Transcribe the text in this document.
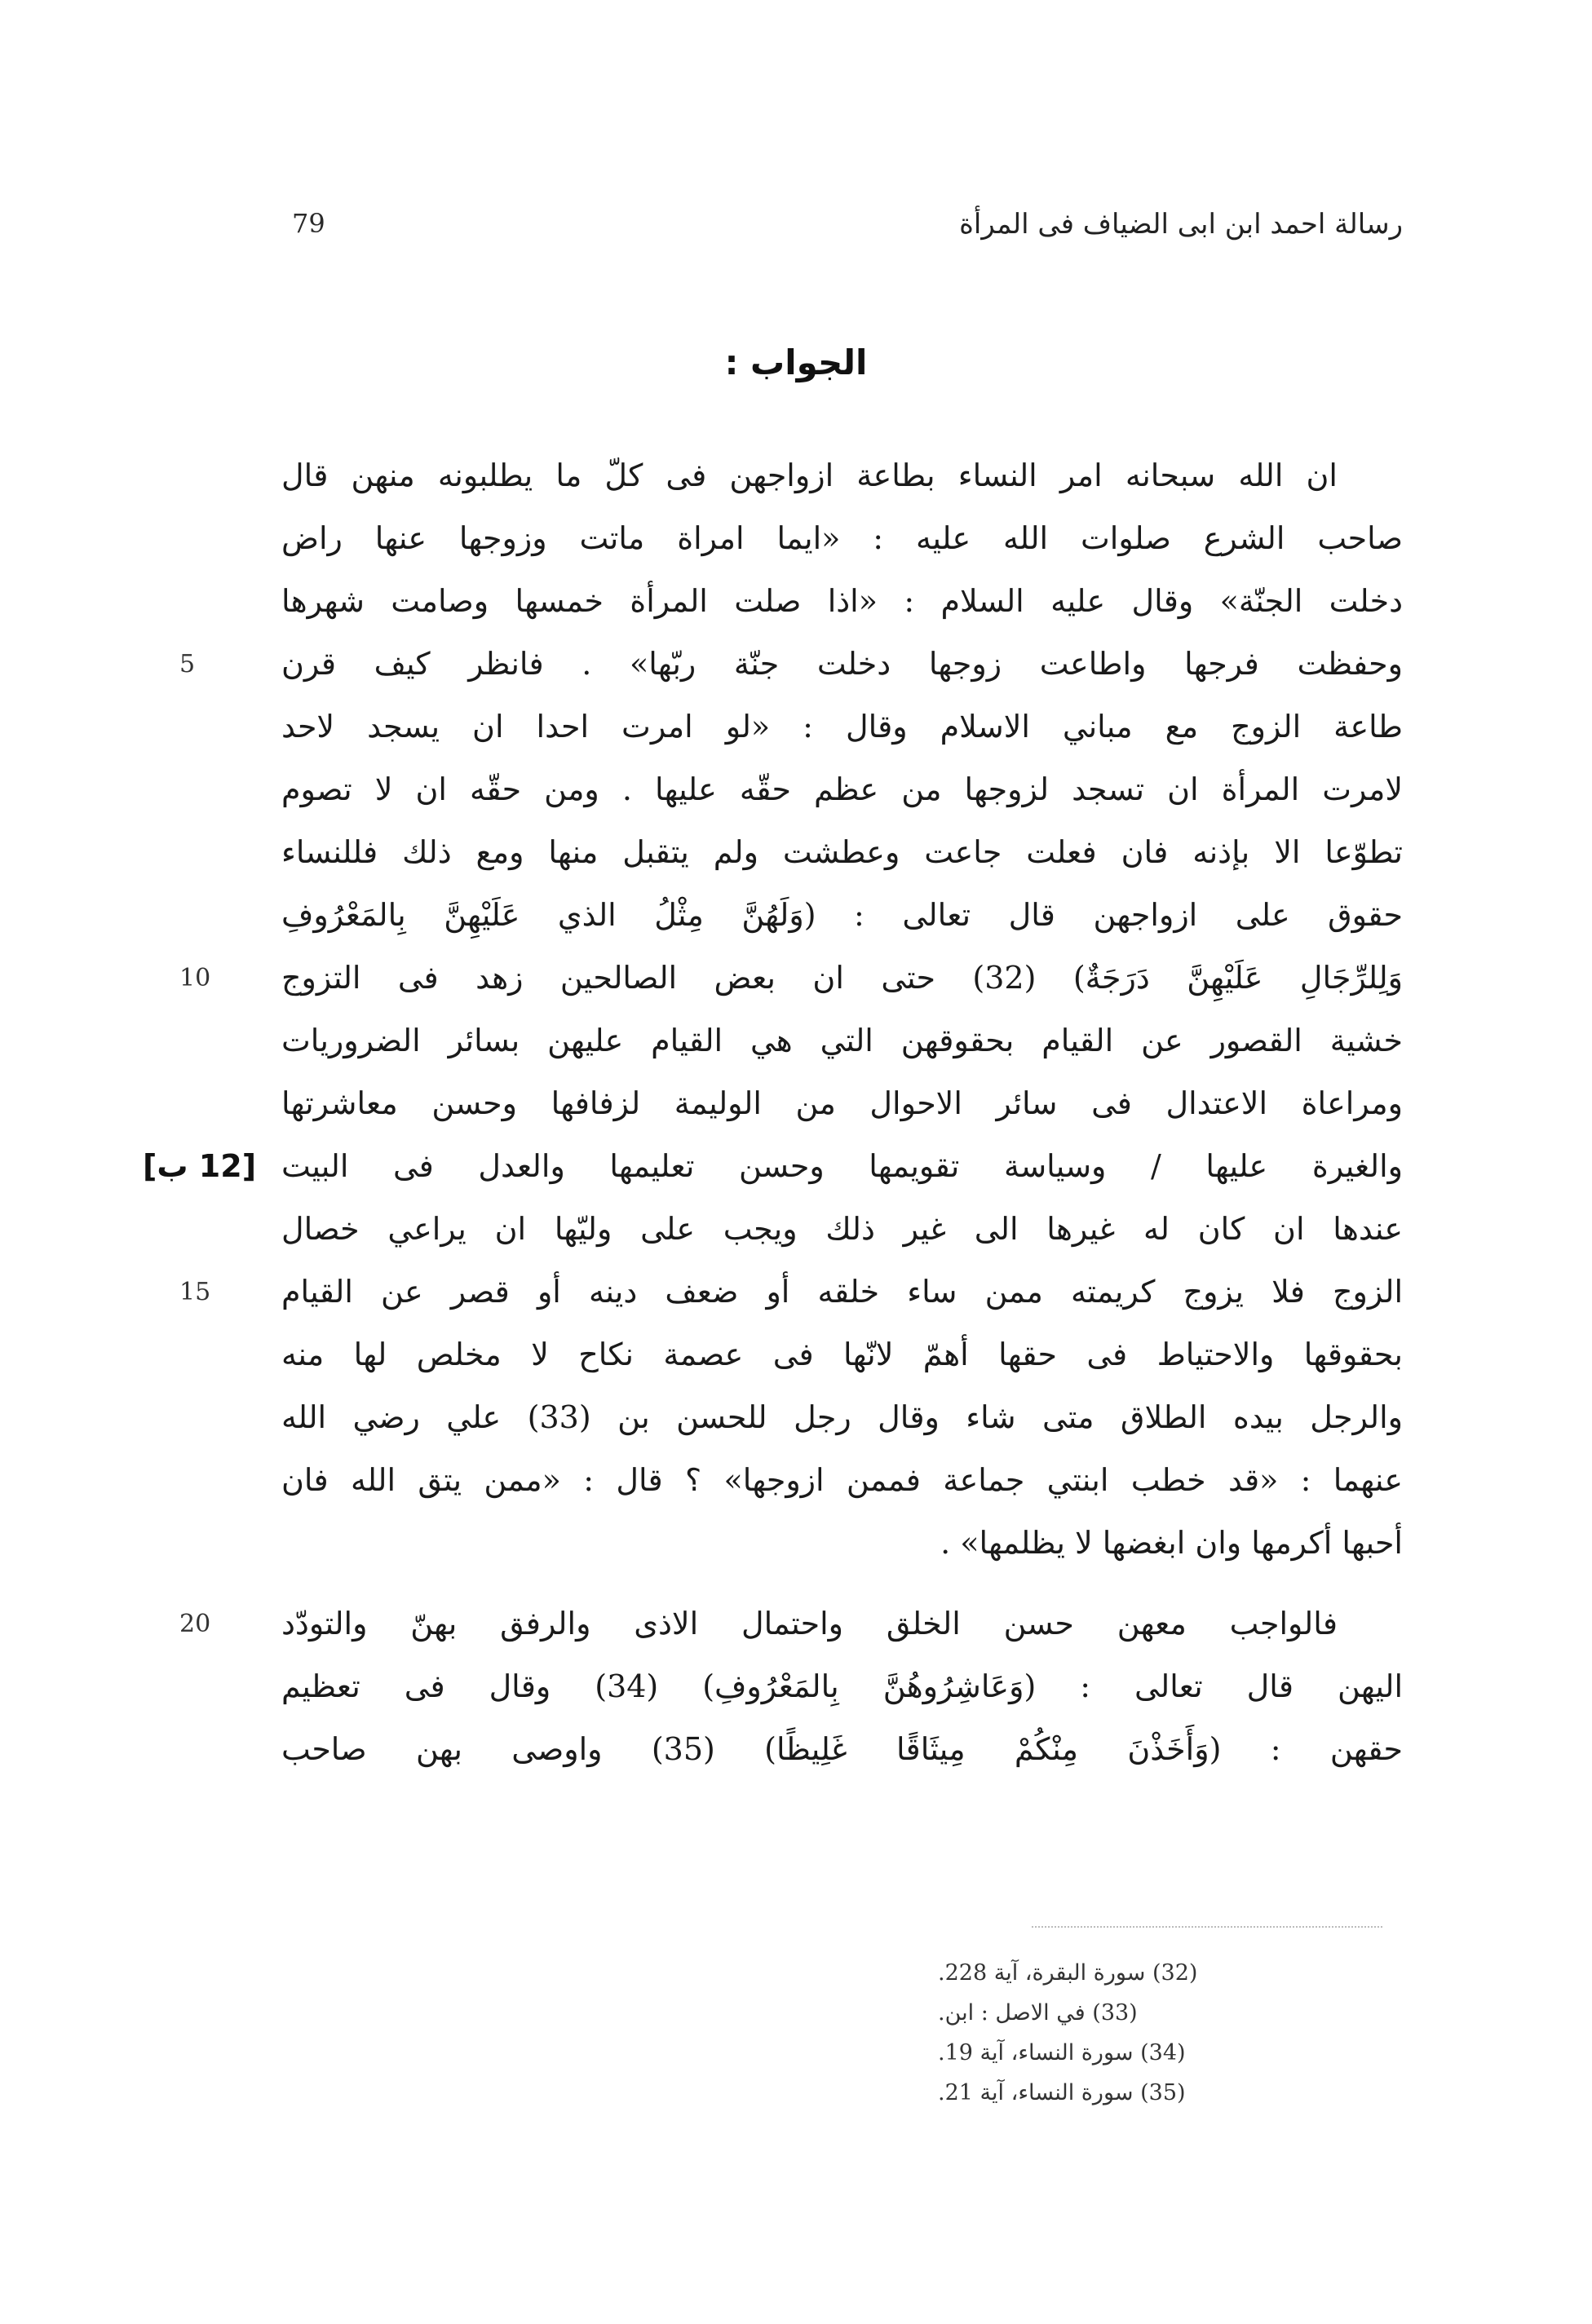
79	رسالة احمد ابن ابى الضياف فى المرأة
الجواب :
ان الله سبحانه امر النساء بطاعة ازواجهن فى كلّ ما يطلبونه منهن قال
صاحب الشرع صلوات الله عليه : «ايما امراة ماتت وزوجها عنها راض
دخلت الجنّة» وقال عليه السلام : «اذا صلت المرأة خمسها وصامت شهرها
وحفظت فرجها واطاعت زوجها دخلت جنّة ربّها» . فانظر كيف قرن
5
طاعة الزوج مع مباني الاسلام وقال : «لو امرت احدا ان يسجد لاحد
لامرت المرأة ان تسجد لزوجها من عظم حقّه عليها . ومن حقّه ان لا تصوم
تطوّعا الا بإذنه فان فعلت جاعت وعطشت ولم يتقبل منها ومع ذلك فللنساء
حقوق على ازواجهن قال تعالى : (وَلَهُنَّ مِثْلُ الذي عَلَيْهِنَّ بِالمَعْرُوفِ
وَلِلرِّجَالِ عَلَيْهِنَّ دَرَجَةٌ) (32) حتى ان بعض الصالحين زهد فى التزوج
10
خشية القصور عن القيام بحقوقهن التي هي القيام عليهن بسائر الضروريات
ومراعاة الاعتدال فى سائر الاحوال من الوليمة لزفافها وحسن معاشرتها
والغيرة عليها / وسياسة تقويمها وحسن تعليمها والعدل فى البيت
[12 ب]
عندها ان كان له غيرها الى غير ذلك ويجب على وليّها ان يراعي خصال
الزوج فلا يزوج كريمته ممن ساء خلقه أو ضعف دينه أو قصر عن القيام
15
بحقوقها والاحتياط فى حقها أهمّ لانّها فى عصمة نكاح لا مخلص لها منه
والرجل بيده الطلاق متى شاء وقال رجل للحسن بن (33) علي رضي الله
عنهما : «قد خطب ابنتي جماعة فممن ازوجها» ؟ قال : «ممن يتق الله فان
أحبها أكرمها وان ابغضها لا يظلمها» .
فالواجب معهن حسن الخلق واحتمال الاذى والرفق بهنّ والتودّد
20
اليهن قال تعالى : (وَعَاشِرُوهُنَّ بِالمَعْرُوفِ) (34) وقال فى تعظيم
حقهن : (وَأَخَذْنَ مِنْكُمْ مِيثَاقًا غَلِيظًا) (35) واوصى بهن صاحب
(32) سورة البقرة، آية 228.
(33) في الاصل : ابن.
(34) سورة النساء، آية 19.
(35) سورة النساء، آية 21.
